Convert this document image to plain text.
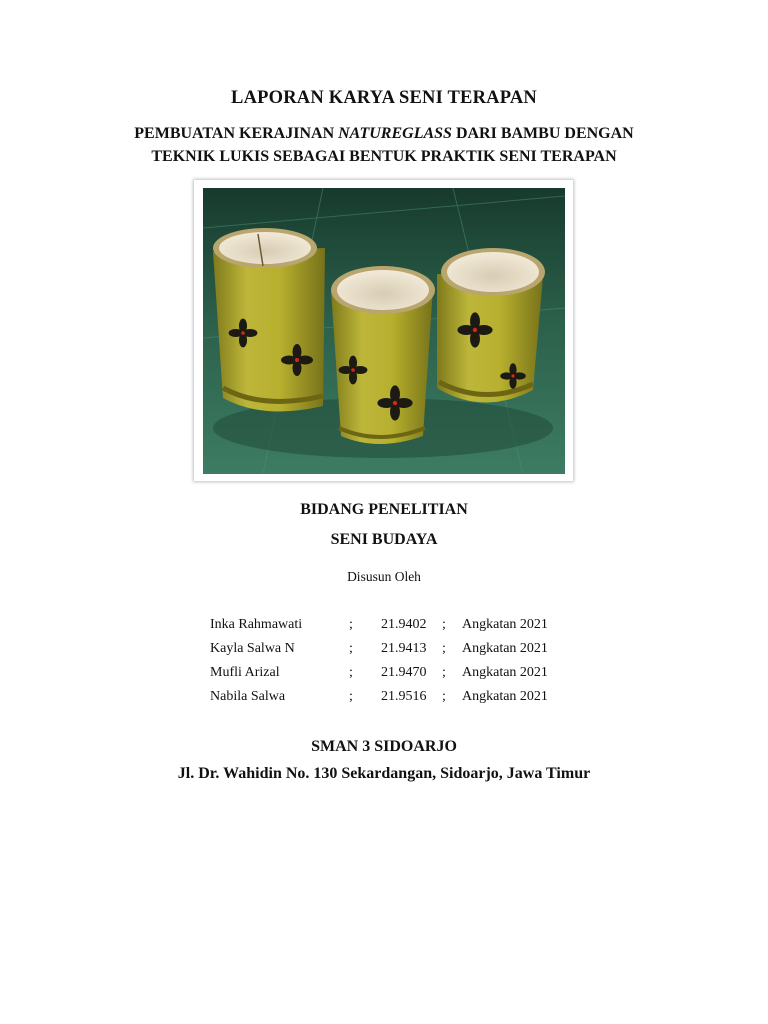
LAPORAN KARYA SENI TERAPAN
PEMBUATAN KERAJINAN NATUREGLASS DARI BAMBU DENGAN
TEKNIK LUKIS SEBAGAI BENTUK PRAKTIK SENI TERAPAN
BIDANG PENELITIAN
SENI BUDAYA
Disusun Oleh
Inka Rahmawati	; 21.9402 ; Angkatan 2021
Kayla Salwa N	; 21.9413 ; Angkatan 2021
Mufli Arizal	; 21.9470 ; Angkatan 2021
Nabila Salwa	; 21.9516 ; Angkatan 2021
SMAN 3 SIDOARJO
Jl. Dr. Wahidin No. 130 Sekardangan, Sidoarjo, Jawa Timur
